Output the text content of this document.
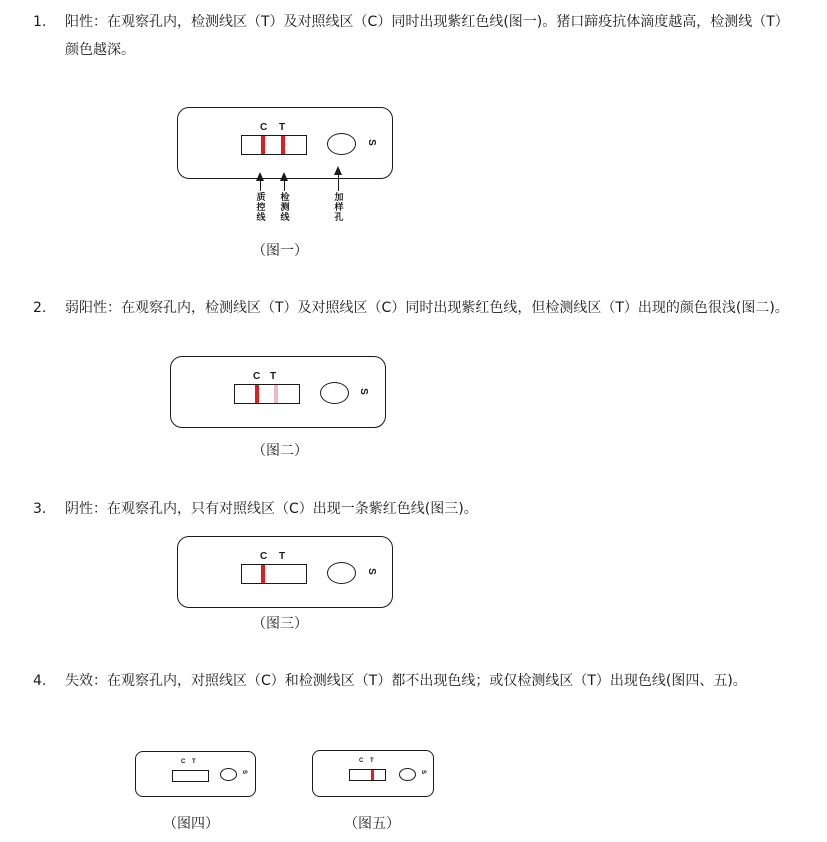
1. 阳性：在观察孔内，检测线区（T）及对照线区（C）同时出现紫红色线(图一)。猪口蹄疫抗体滴度越高，检测线（T）颜色越深。
C T
S
质控线
检测线
加样孔
（图一）
2. 弱阳性：在观察孔内，检测线区（T）及对照线区（C）同时出现紫红色线，但检测线区（T）出现的颜色很浅(图二)。
C T
S
（图二）
3. 阴性：在观察孔内，只有对照线区（C）出现一条紫红色线(图三)。
C T
S
（图三）
4. 失效：在观察孔内，对照线区（C）和检测线区（T）都不出现色线；或仅检测线区（T）出现色线(图四、五)。
C T
S
（图四）
C T
S
（图五）
